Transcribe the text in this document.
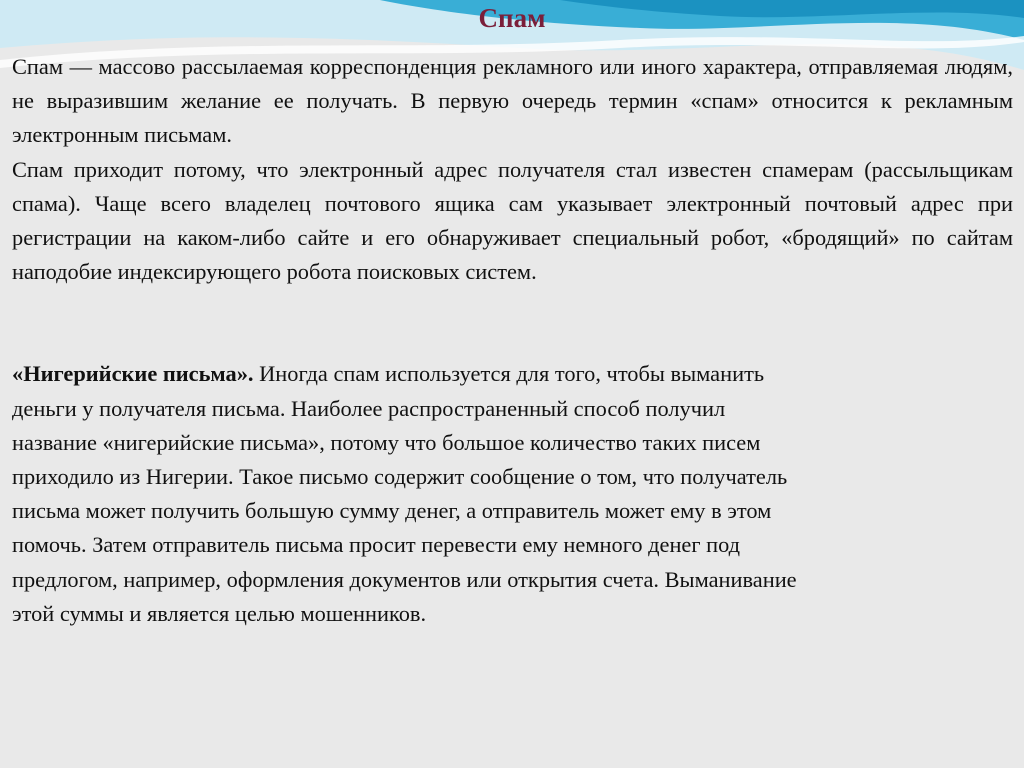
Спам

Спам — массово рассылаемая корреспонденция рекламного или иного характера, отправляемая людям, не выразившим желание ее получать. В первую очередь термин «спам» относится к рекламным электронным письмам.

Спам приходит потому, что электронный адрес получателя стал известен спамерам (рассыльщикам спама). Чаще всего владелец почтового ящика сам указывает электронный почтовый адрес при регистрации на каком-либо сайте и его обнаруживает специальный робот, «бродящий» по сайтам наподобие индексирующего робота поисковых систем.

«Нигерийские письма». Иногда спам используется для того, чтобы выманить
деньги у получателя письма. Наиболее распространенный способ получил
название «нигерийские письма», потому что большое количество таких писем
приходило из Нигерии. Такое письмо содержит сообщение о том, что получатель
письма может получить большую сумму денег, а отправитель может ему в этом
помочь. Затем отправитель письма просит перевести ему немного денег под
предлогом, например, оформления документов или открытия счета. Выманивание
этой суммы и является целью мошенников.
